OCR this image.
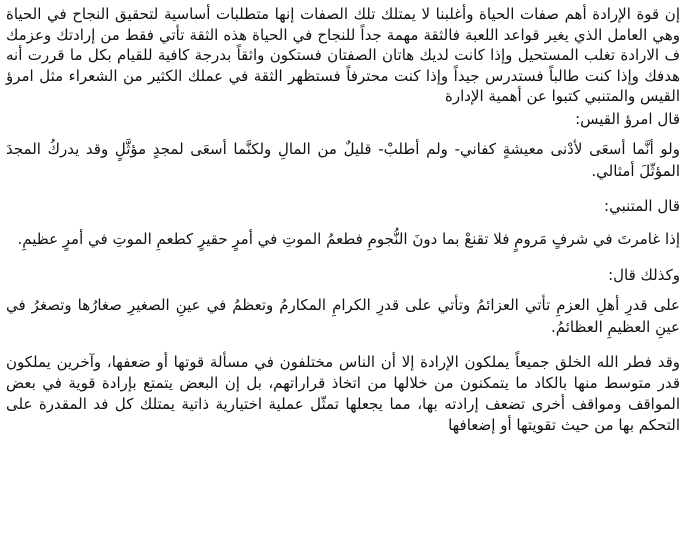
إن قوة الإرادة أهم صفات الحياة وأغلبنا لا يمتلك تلك الصفات إنها متطلبات أساسية لتحقيق النجاح في الحياة وهي العامل الذي يغير قواعد اللعبة فالثقة مهمة جداً للنجاح في الحياة هذه الثقة تأتي فقط من إرادتك وعزمك ف الارادة تغلب المستحيل وإذا كانت لديك هاتان الصفتان فستكون واثقاً بدرجة كافية للقيام بكل ما قررت أنه هدفك وإذا كنت طالباً فستدرس جيداً وإذا كنت محترفاً فستظهر الثقة في عملك الكثير من الشعراء مثل امرؤ القيس والمتنبي كتبوا عن أهمية الإدارة

قال امرؤ القيس:

ولو أنَّما أسعَى لأدْنى معيشةٍ كفاني- ولم أطلبْ- قليلٌ من المالِ ولكنَّما أسعَى لمجدٍ مؤثَّلٍ وقد يدركُ المجدَ المؤثّلَ أمثالي.

قال المتنبي:

إذا غامرتَ في شرفٍ مَرومٍ فلا تقنعْ بما دونَ النُّجومِ فطعمُ الموتِ في أمرٍ حقيرٍ كطعمِ الموتِ في أمرٍ عظيمِ.

وكذلك قال:

على قدرِ أهلِ العزمِ تأتي العزائمُ وتأتي على قدرِ الكرامِ المكارمُ وتعظمُ في عينِ الصغيرِ صغارُها وتصغرُ في عينِ العظيمِ العظائمُ.

وقد فطر الله الخلق جميعاً يملكون الإرادة إلا أن الناس مختلفون في مسألة قوتها أو ضعفها، وآخرين يملكون قدر متوسط منها بالكاد ما يتمكنون من خلالها من اتخاذ قراراتهم، بل إن البعض يتمتع بإرادة قوية في بعض المواقف ومواقف أخرى تضعف إرادته بها، مما يجعلها تمثّل عملية اختيارية ذاتية يمتلك كل فد المقدرة على التحكم بها من حيث تقويتها أو إضعافها
